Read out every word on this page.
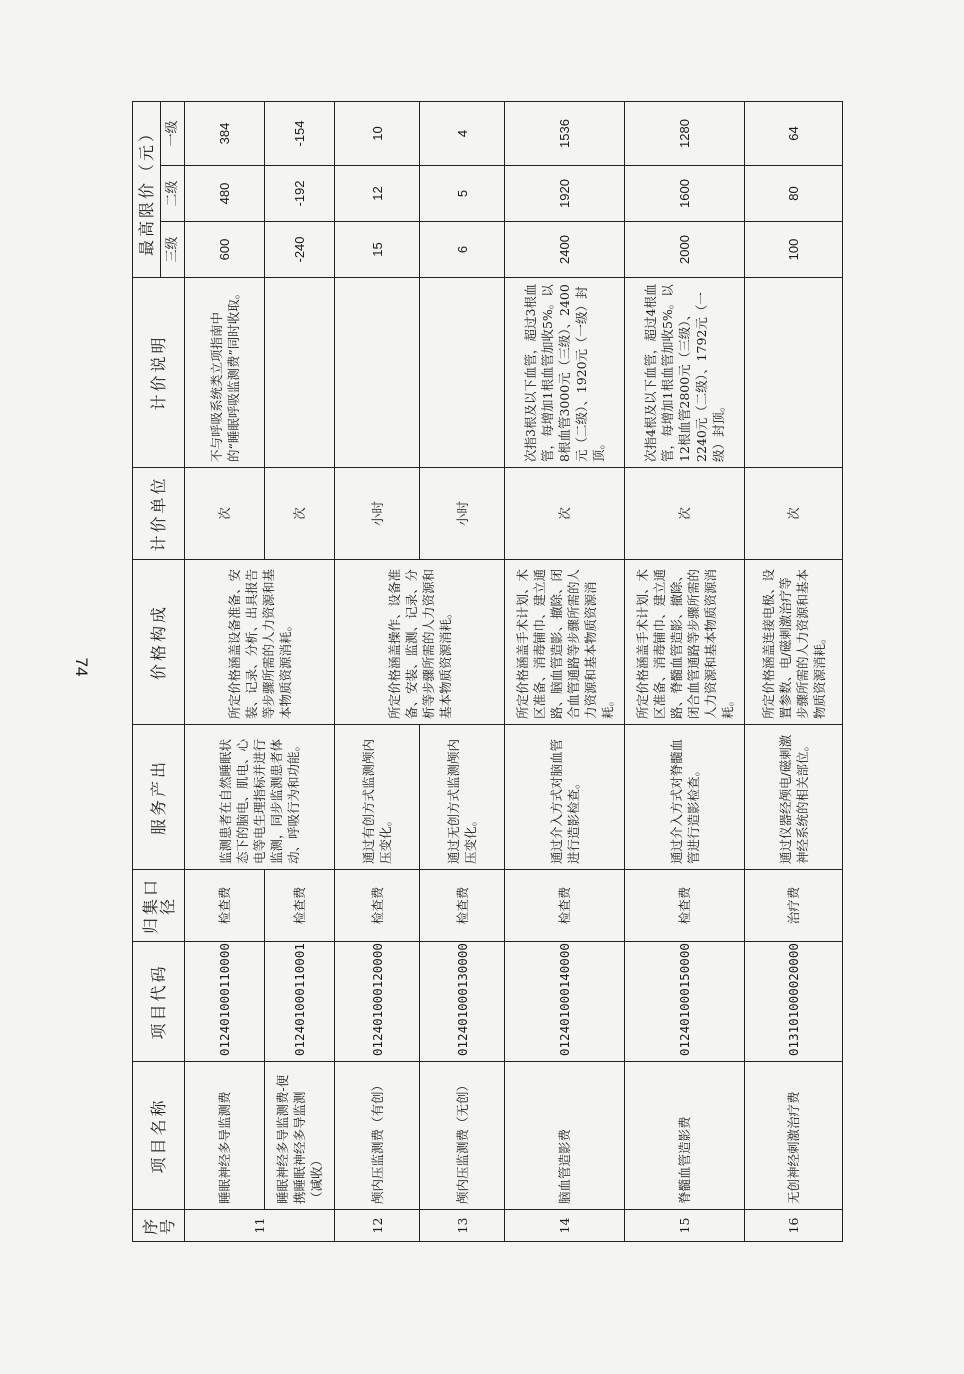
74
序号	项目名称	项目代码	归集口径	服务产出	价格构成	计价单位	计价说明	最高限价（元）		
								三级	二级	一级
11	睡眠神经多导监测费	012401000110000	检查费	监测患者在自然睡眠状态下的脑电、肌电、心电等电生理指标并进行监测，同步监测患者体动、呼吸行为和功能。	所定价格涵盖设备准备、安装、记录、分析、出具报告等步骤所需的人力资源和基本物质资源消耗。	次	不与呼吸系统类立项指南中的“睡眠呼吸监测费”同时收取。	600	480	384
	睡眠神经多导监测费-便携睡眠神经多导监测（减收）	012401000110001	检查费			次		-240	-192	-154
12	颅内压监测费（有创）	012401000120000	检查费	通过有创方式监测颅内压变化。	所定价格涵盖操作、设备准备、安装、监测、记录、分析等步骤所需的人力资源和基本物质资源消耗。	小时		15	12	10
13	颅内压监测费（无创）	012401000130000	检查费	通过无创方式监测颅内压变化。		小时		6	5	4
14	脑血管造影费	012401000140000	检查费	通过介入方式对脑血管进行造影检查。	所定价格涵盖手术计划、术区准备、消毒铺巾、建立通路、脑血管造影、撤除、闭合血管通路等步骤所需的人力资源和基本物质资源消耗。	次	次指3根及以下血管，超过3根血管，每增加1根血管加收5%。以8根血管3000元（三级）、2400元（二级）、1920元（一级）封顶。	2400	1920	1536
15	脊髓血管造影费	012401000150000	检查费	通过介入方式对脊髓血管进行造影检查。	所定价格涵盖手术计划、术区准备、消毒铺巾、建立通路、脊髓血管造影、撤除、闭合血管通路等步骤所需的人力资源和基本物质资源消耗。	次	次指4根及以下血管，超过4根血管，每增加1根血管加收5%。以12根血管2800元（三级）、2240元（二级）、1792元（一级）封顶。	2000	1600	1280
16	无创神经刺激治疗费	013101000020000	治疗费	通过仪器经颅电/磁刺激神经系统的相关部位。	所定价格涵盖连接电极、设置参数、电/磁刺激治疗等步骤所需的人力资源和基本物质资源消耗。	次		100	80	64
